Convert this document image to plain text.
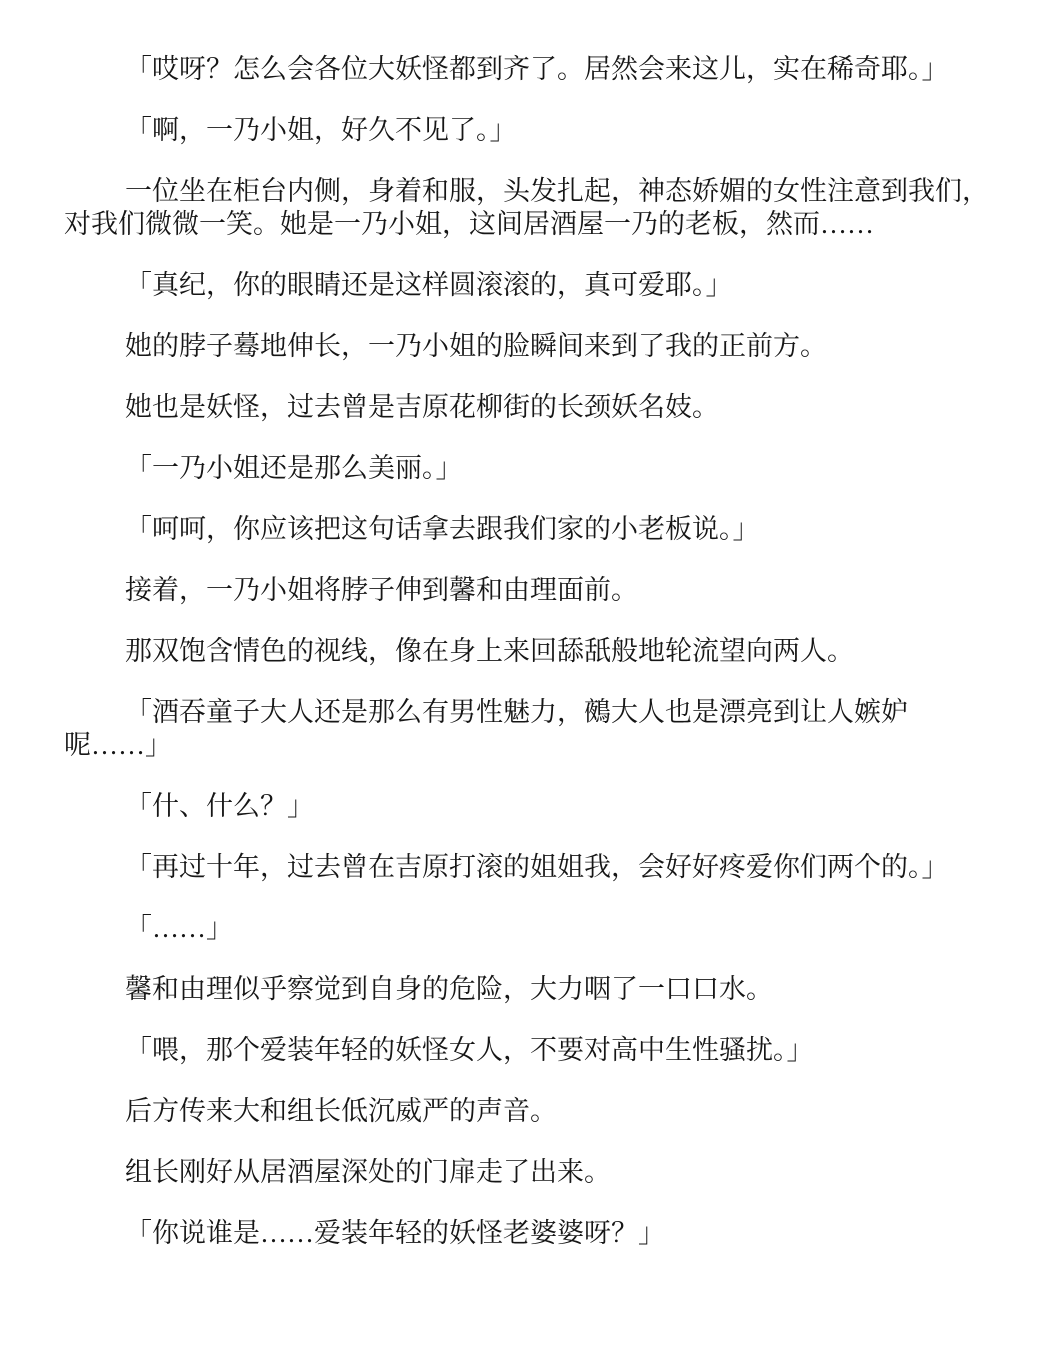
「哎呀？怎么会各位大妖怪都到齐了。居然会来这儿，实在稀奇耶。」
「啊，一乃小姐，好久不见了。」
一位坐在柜台内侧，身着和服，头发扎起，神态娇媚的女性注意到我们，
对我们微微一笑。她是一乃小姐，这间居酒屋一乃的老板，然而……
「真纪，你的眼睛还是这样圆滚滚的，真可爱耶。」
她的脖子蓦地伸长，一乃小姐的脸瞬间来到了我的正前方。
她也是妖怪，过去曾是吉原花柳街的长颈妖名妓。
「一乃小姐还是那么美丽。」
「呵呵，你应该把这句话拿去跟我们家的小老板说。」
接着，一乃小姐将脖子伸到馨和由理面前。
那双饱含情色的视线，像在身上来回舔舐般地轮流望向两人。
「酒吞童子大人还是那么有男性魅力，鵺大人也是漂亮到让人嫉妒
呢……」
「什、什么？」
「再过十年，过去曾在吉原打滚的姐姐我，会好好疼爱你们两个的。」
「……」
馨和由理似乎察觉到自身的危险，大力咽了一口口水。
「喂，那个爱装年轻的妖怪女人，不要对高中生性骚扰。」
后方传来大和组长低沉威严的声音。
组长刚好从居酒屋深处的门扉走了出来。
「你说谁是……爱装年轻的妖怪老婆婆呀？」
